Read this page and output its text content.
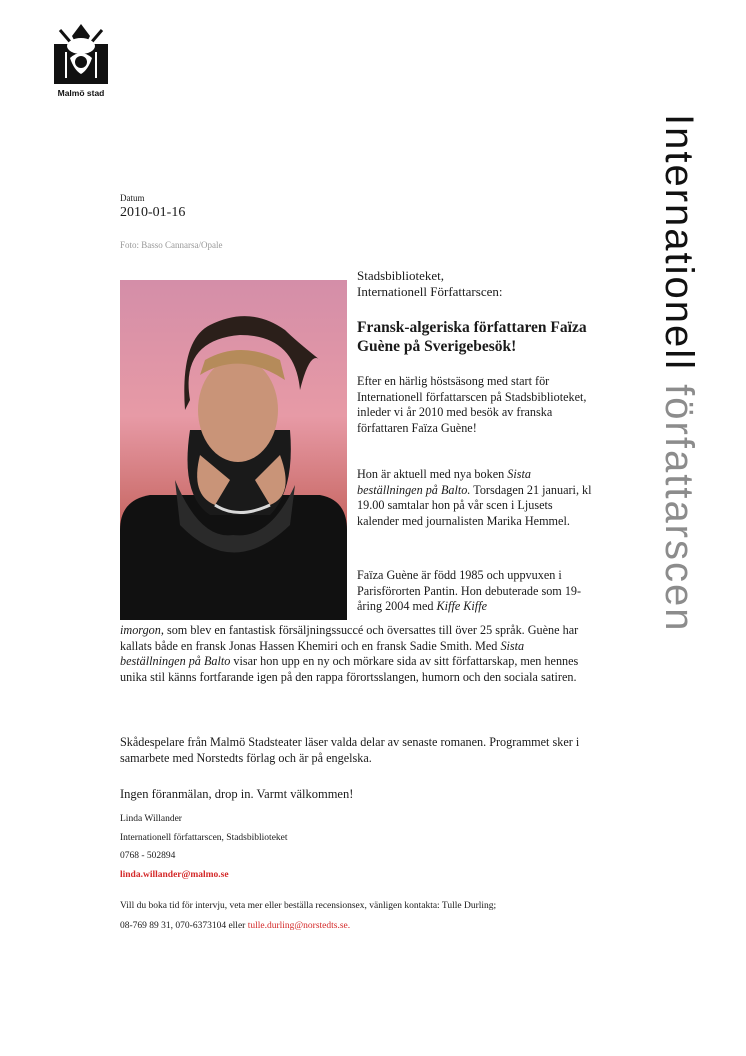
Malmö stad
Internationell författarscen
Datum
2010-01-16
Foto: Basso Cannarsa/Opale
Stadsbiblioteket,
Internationell Författarscen:
Fransk-algeriska författaren Faïza Guène på Sverigebesök!
Efter en härlig höstsäsong med start för Internationell författarscen på Stadsbiblioteket, inleder vi år 2010 med besök av franska författaren Faïza Guène!
Hon är aktuell med nya boken Sista beställningen på Balto. Torsdagen 21 januari, kl 19.00 samtalar hon på vår scen i Ljusets kalender med journalisten Marika Hemmel.
Faïza Guène är född 1985 och uppvuxen i Parisförorten Pantin. Hon debuterade som 19-åring 2004 med Kiffe Kiffe
imorgon, som blev en fantastisk försäljningssuccé och översattes till över 25 språk. Guène har kallats både en fransk Jonas Hassen Khemiri och en fransk Sadie Smith. Med Sista beställningen på Balto visar hon upp en ny och mörkare sida av sitt författarskap, men hennes unika stil känns fortfarande igen på den rappa förortsslangen, humorn och den sociala satiren.
Skådespelare från Malmö Stadsteater läser valda delar av senaste romanen. Programmet sker i samarbete med Norstedts förlag och är på engelska.
Ingen föranmälan, drop in. Varmt välkommen!
Linda Willander
Internationell författarscen, Stadsbiblioteket
0768 - 502894
linda.willander@malmo.se
Vill du boka tid för intervju, veta mer eller beställa recensionsex, vänligen kontakta: Tulle Durling;
08-769 89 31, 070-6373104 eller tulle.durling@norstedts.se.
